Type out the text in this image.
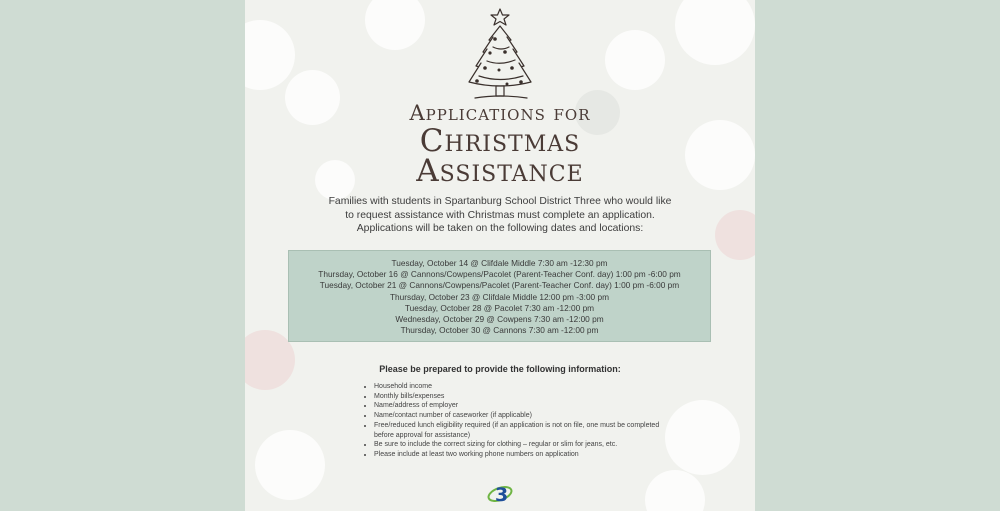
Applications for
Christmas
Assistance
Families with students in Spartanburg School District Three who would like
to request assistance with Christmas must complete an application.
Applications will be taken on the following dates and locations:
Tuesday, October 14 @ Clifdale Middle 7:30 am -12:30 pm
Thursday, October 16 @ Cannons/Cowpens/Pacolet (Parent-Teacher Conf. day) 1:00 pm -6:00 pm
Tuesday, October 21 @ Cannons/Cowpens/Pacolet (Parent-Teacher Conf. day) 1:00 pm -6:00 pm
Thursday, October 23 @ Clifdale Middle 12:00 pm -3:00 pm
Tuesday, October 28 @ Pacolet 7:30 am -12:00 pm
Wednesday, October 29 @ Cowpens 7:30 am -12:00 pm
Thursday, October 30 @ Cannons 7:30 am -12:00 pm
Please be prepared to provide the following information:
• Household income
• Monthly bills/expenses
• Name/address of employer
• Name/contact number of caseworker (if applicable)
• Free/reduced lunch eligibility required (if an application is not on file, one must be completed before approval for assistance)
• Be sure to include the correct sizing for clothing – regular or slim for jeans, etc.
• Please include at least two working phone numbers on application
3
